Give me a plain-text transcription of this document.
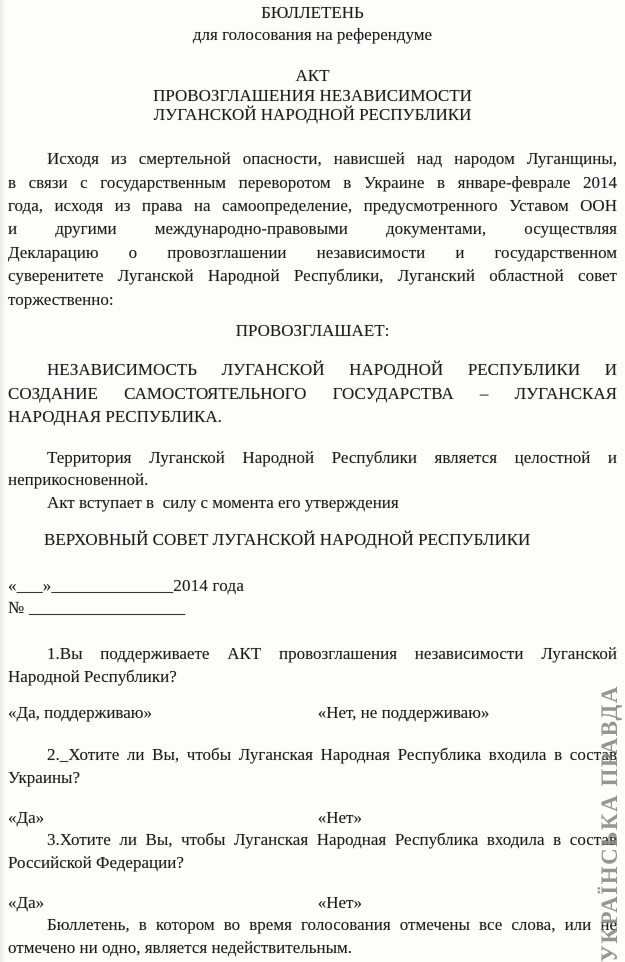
УКРАЇНСЬКА ПРАВДА
БЮЛЛЕТЕНЬ
для голосования на референдуме
АКТ
ПРОВОЗГЛАШЕНИЯ НЕЗАВИСИМОСТИ
ЛУГАНСКОЙ НАРОДНОЙ РЕСПУБЛИКИ
Исходя из смертельной опасности, нависшей над народом Луганщины,
в связи с государственным переворотом в Украине в январе-феврале 2014
года, исходя из права на самоопределение, предусмотренного Уставом ООН
и другими международно-правовыми документами, осуществляя
Декларацию о провозглашении независимости и государственном
суверенитете Луганской Народной Республики, Луганский областной совет
торжественно:
ПРОВОЗГЛАШАЕТ:
НЕЗАВИСИМОСТЬ ЛУГАНСКОЙ НАРОДНОЙ РЕСПУБЛИКИ И
СОЗДАНИЕ САМОСТОЯТЕЛЬНОГО ГОСУДАРСТВА – ЛУГАНСКАЯ
НАРОДНАЯ РЕСПУБЛИКА.
Территория Луганской Народной Республики является целостной и
неприкосновенной.
Акт вступает в  силу с момента его утверждения
ВЕРХОВНЫЙ СОВЕТ ЛУГАНСКОЙ НАРОДНОЙ РЕСПУБЛИКИ
«___»______________2014 года
№ __________________
1.Вы поддерживаете АКТ провозглашения независимости Луганской
Народной Республики?
«Да, поддерживаю»	«Нет, не поддерживаю»
2._Хотите ли Вы, чтобы Луганская Народная Республика входила в состав
Украины?
«Да»	«Нет»
3.Хотите ли Вы, чтобы Луганская Народная Республика входила в состав
Российской Федерации?
«Да»	«Нет»
Бюллетень, в котором во время голосования отмечены все слова, или не
отмечено ни одно, является недействительным.
